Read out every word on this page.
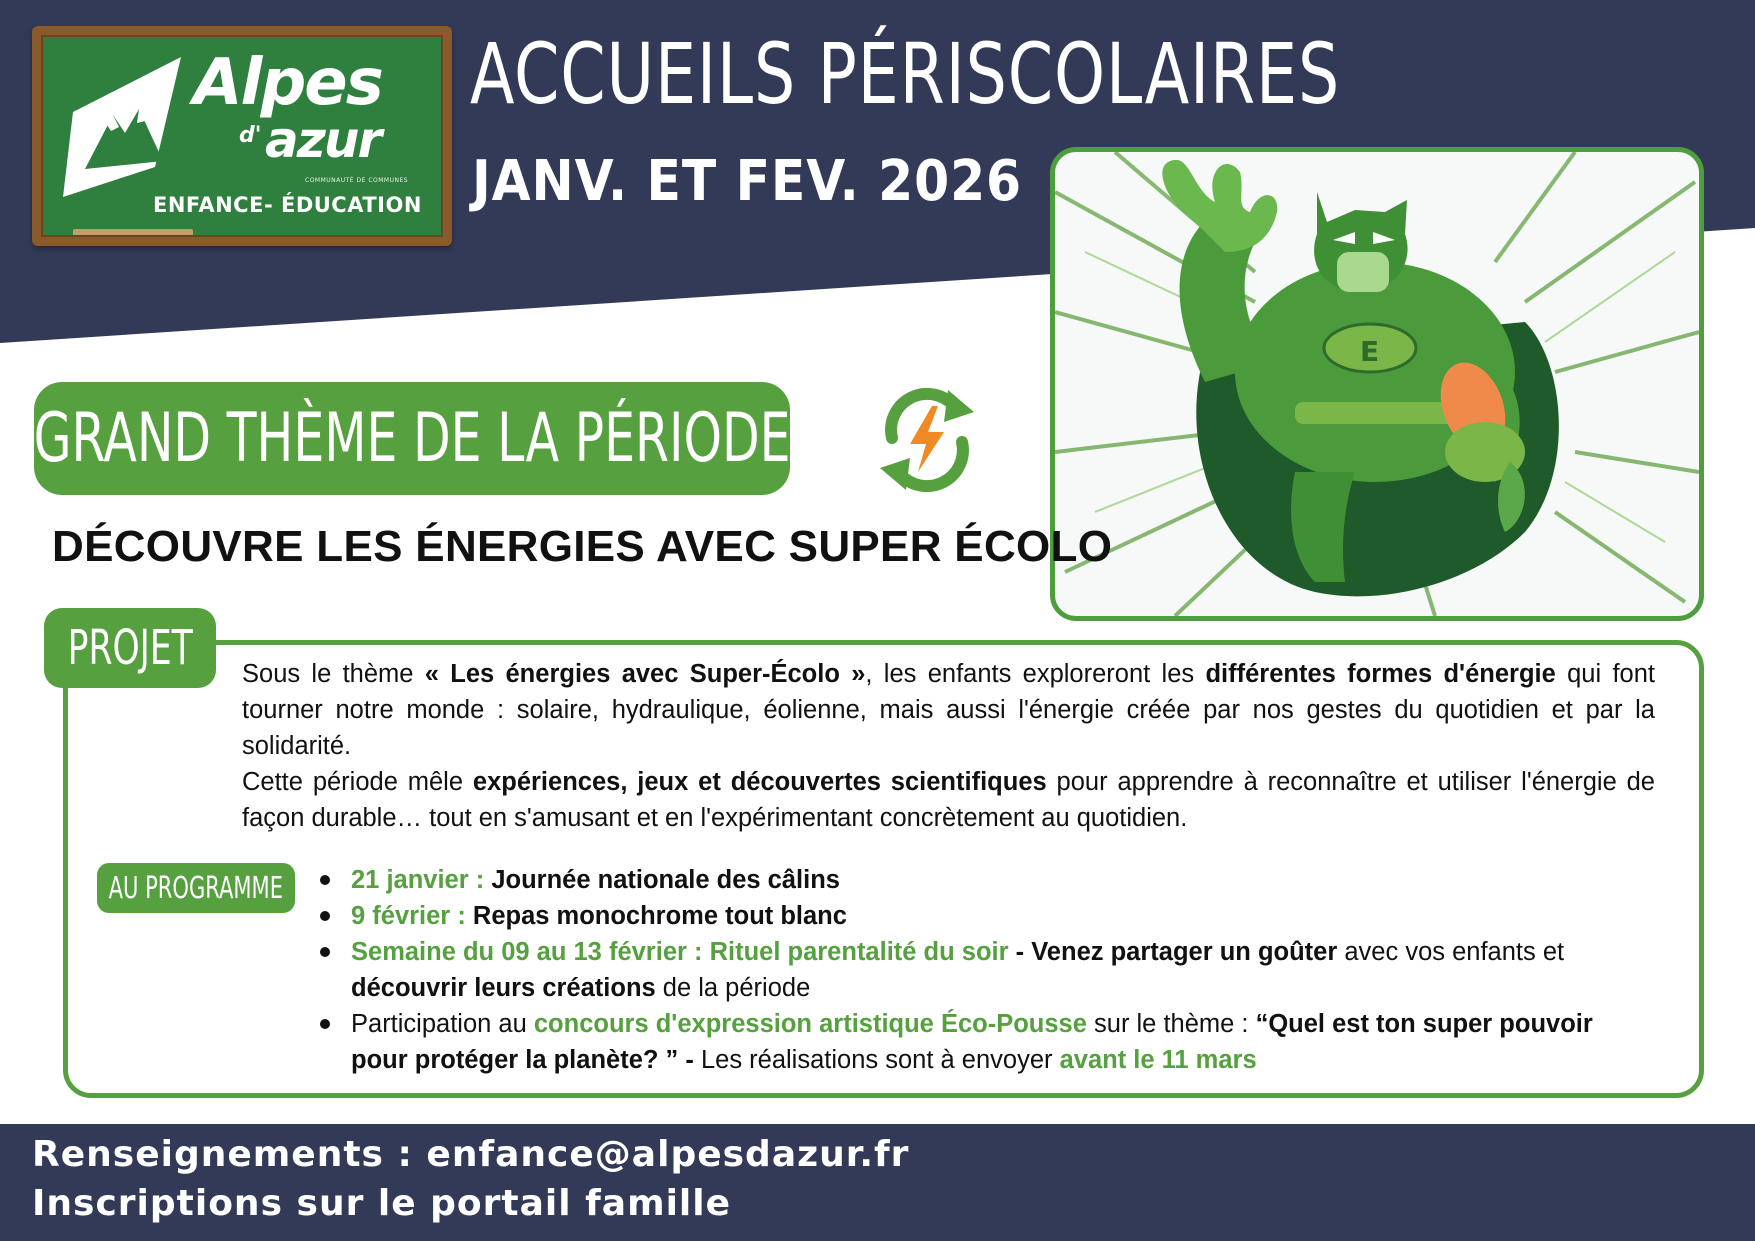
Alpes
d' azur
COMMUNAUTÉ DE COMMUNES
ENFANCE- ÉDUCATION
ACCUEILS PÉRISCOLAIRES
JANV. ET FEV. 2026
E
GRAND THÈME DE LA PÉRIODE
DÉCOUVRE LES ÉNERGIES AVEC SUPER ÉCOLO
PROJET Sous le thème « Les énergies avec Super-Écolo », les enfants exploreront les différentes formes d'énergie qui font tourner notre monde : solaire, hydraulique, éolienne, mais aussi l'énergie créée par nos gestes du quotidien et par la solidarité.

Cette période mêle expériences, jeux et découvertes scientifiques pour apprendre à reconnaître et utiliser l'énergie de façon durable… tout en s'amusant et en l'expérimentant concrètement au quotidien.

AU PROGRAMME	21 janvier : Journée nationale des câlins
9 février : Repas monochrome tout blanc
Semaine du 09 au 13 février : Rituel parentalité du soir - Venez partager un goûter avec vos enfants et découvrir leurs créations de la période
Participation au concours d'expression artistique Éco-Pousse sur le thème : “Quel est ton super pouvoir pour protéger la planète? ” - Les réalisations sont à envoyer avant le 11 mars
Renseignements : enfance@alpesdazur.fr
Inscriptions sur le portail famille
